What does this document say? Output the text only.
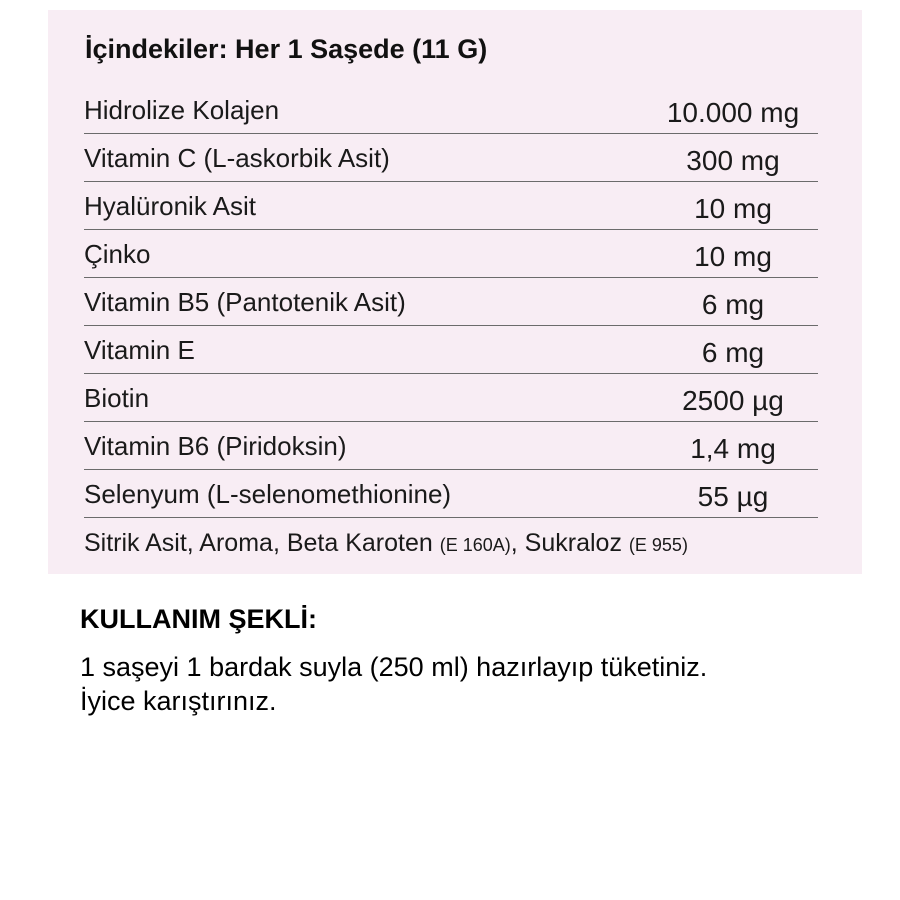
İçindekiler: Her 1 Saşede (11 G)
Hidrolize Kolajen	10.000 mg
Vitamin C (L-askorbik Asit)	300 mg
Hyalüronik Asit	10 mg
Çinko	10 mg
Vitamin B5 (Pantotenik Asit)	6 mg
Vitamin E	6 mg
Biotin	2500 µg
Vitamin B6 (Piridoksin)	1,4 mg
Selenyum (L-selenomethionine)	55 µg
Sitrik Asit, Aroma, Beta Karoten (E 160A), Sukraloz (E 955)
KULLANIM ŞEKLİ:
1 saşeyi 1 bardak suyla (250 ml) hazırlayıp tüketiniz.
İyice karıştırınız.
